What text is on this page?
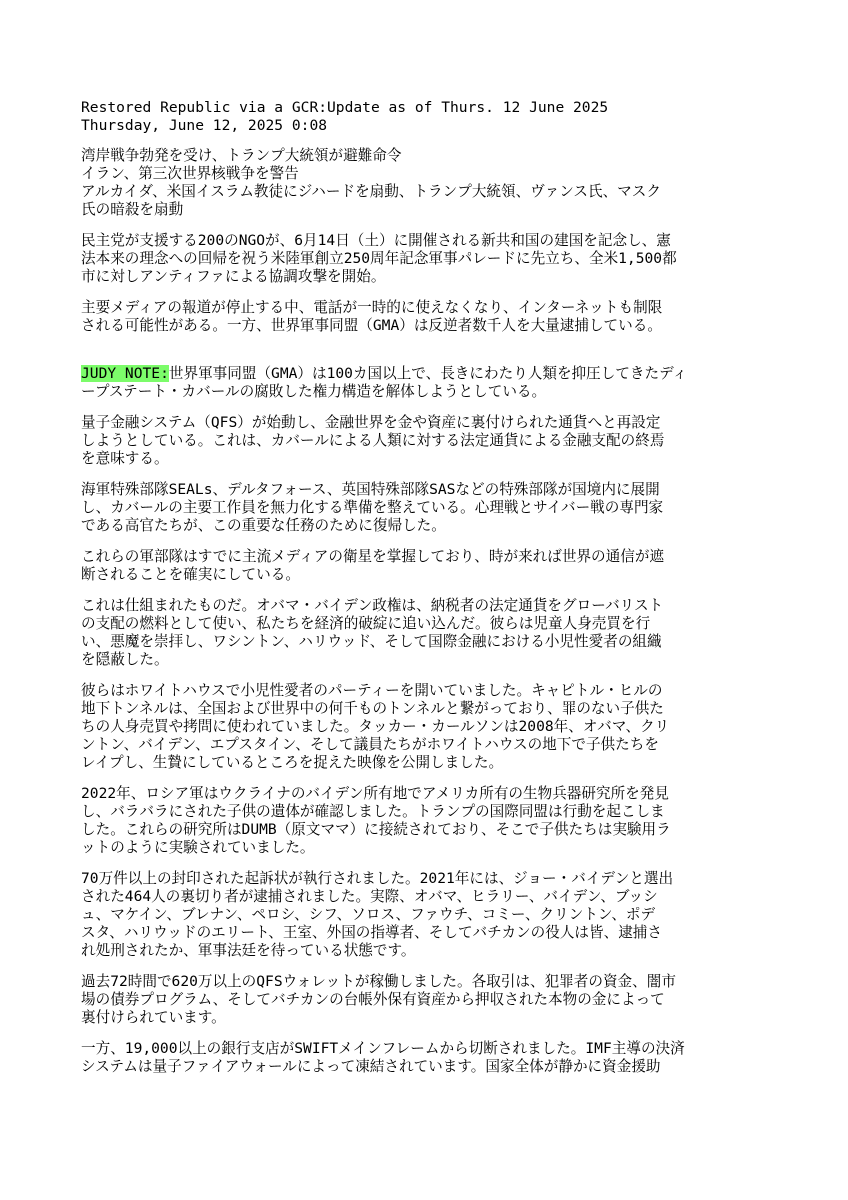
Restored Republic via a GCR:Update as of Thurs. 12 June 2025
Thursday, June 12, 2025 0:08
湾岸戦争勃発を受け、トランプ大統領が避難命令
イラン、第三次世界核戦争を警告
アルカイダ、米国イスラム教徒にジハードを扇動、トランプ大統領、ヴァンス氏、マスク
氏の暗殺を扇動
民主党が支援する200のNGOが、6月14日（土）に開催される新共和国の建国を記念し、憲
法本来の理念への回帰を祝う米陸軍創立250周年記念軍事パレードに先立ち、全米1,500都
市に対しアンティファによる協調攻撃を開始。
主要メディアの報道が停止する中、電話が一時的に使えなくなり、インターネットも制限
される可能性がある。一方、世界軍事同盟（GMA）は反逆者数千人を大量逮捕している。
JUDY NOTE:世界軍事同盟（GMA）は100カ国以上で、長きにわたり人類を抑圧してきたディ
ープステート・カバールの腐敗した権力構造を解体しようとしている。
量子金融システム（QFS）が始動し、金融世界を金や資産に裏付けられた通貨へと再設定
しようとしている。これは、カバールによる人類に対する法定通貨による金融支配の終焉
を意味する。
海軍特殊部隊SEALs、デルタフォース、英国特殊部隊SASなどの特殊部隊が国境内に展開
し、カバールの主要工作員を無力化する準備を整えている。心理戦とサイバー戦の専門家
である高官たちが、この重要な任務のために復帰した。
これらの軍部隊はすでに主流メディアの衛星を掌握しており、時が来れば世界の通信が遮
断されることを確実にしている。
これは仕組まれたものだ。オバマ・バイデン政権は、納税者の法定通貨をグローバリスト
の支配の燃料として使い、私たちを経済的破綻に追い込んだ。彼らは児童人身売買を行
い、悪魔を崇拝し、ワシントン、ハリウッド、そして国際金融における小児性愛者の組織
を隠蔽した。
彼らはホワイトハウスで小児性愛者のパーティーを開いていました。キャピトル・ヒルの
地下トンネルは、全国および世界中の何千ものトンネルと繋がっており、罪のない子供た
ちの人身売買や拷問に使われていました。タッカー・カールソンは2008年、オバマ、クリ
ントン、バイデン、エプスタイン、そして議員たちがホワイトハウスの地下で子供たちを
レイプし、生贄にしているところを捉えた映像を公開しました。
2022年、ロシア軍はウクライナのバイデン所有地でアメリカ所有の生物兵器研究所を発見
し、バラバラにされた子供の遺体が確認しました。トランプの国際同盟は行動を起こしま
した。これらの研究所はDUMB（原文ママ）に接続されており、そこで子供たちは実験用ラ
ットのように実験されていました。
70万件以上の封印された起訴状が執行されました。2021年には、ジョー・バイデンと選出
された464人の裏切り者が逮捕されました。実際、オバマ、ヒラリー、バイデン、ブッシ
ュ、マケイン、ブレナン、ペロシ、シフ、ソロス、ファウチ、コミー、クリントン、ポデ
スタ、ハリウッドのエリート、王室、外国の指導者、そしてバチカンの役人は皆、逮捕さ
れ処刑されたか、軍事法廷を待っている状態です。
過去72時間で620万以上のQFSウォレットが稼働しました。各取引は、犯罪者の資金、闇市
場の債券プログラム、そしてバチカンの台帳外保有資産から押収された本物の金によって
裏付けられています。
一方、19,000以上の銀行支店がSWIFTメインフレームから切断されました。IMF主導の決済
システムは量子ファイアウォールによって凍結されています。国家全体が静かに資金援助
